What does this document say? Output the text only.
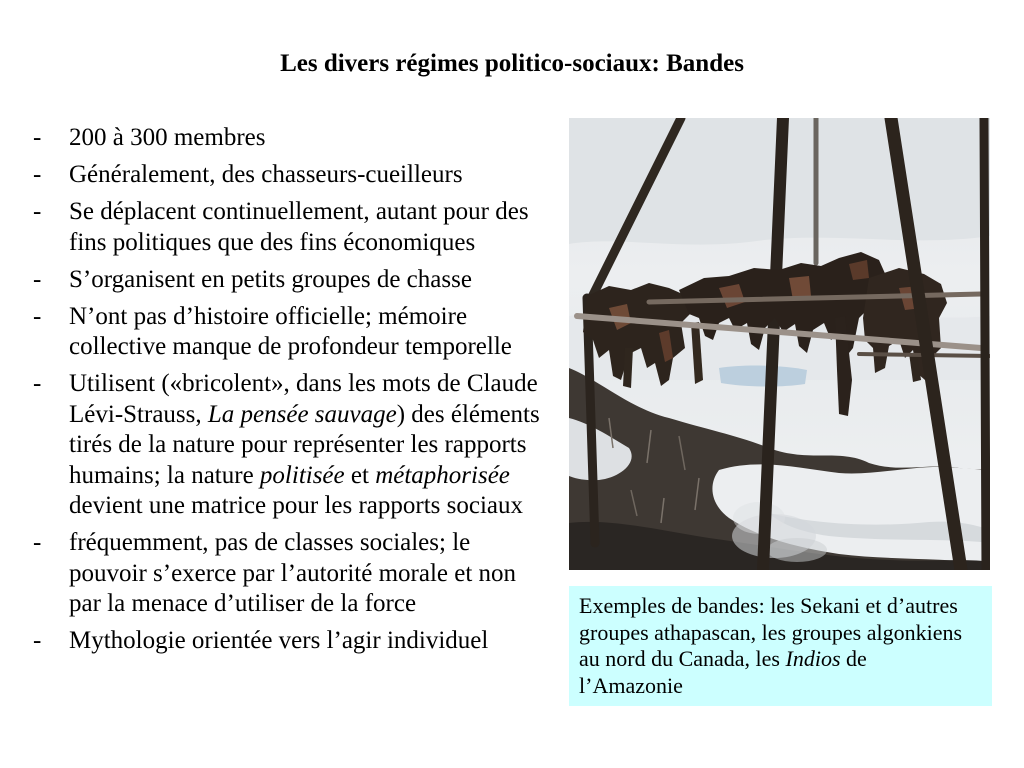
Les divers régimes politico-sociaux: Bandes
-	200 à 300 membres
-	Généralement, des chasseurs-cueilleurs
-	Se déplacent continuellement, autant pour des fins politiques que des fins économiques
-	S’organisent en petits groupes de chasse
-	N’ont pas d’histoire officielle; mémoire collective manque de profondeur temporelle
-	Utilisent («bricolent», dans les mots de Claude Lévi-Strauss, La pensée sauvage) des éléments tirés de la nature pour représenter les rapports humains; la nature politisée et métaphorisée devient une matrice pour les rapports sociaux
-	fréquemment, pas de classes sociales; le pouvoir s’exerce par l’autorité morale et non par la menace d’utiliser de la force
-	Mythologie orientée vers l’agir individuel
Exemples de bandes: les Sekani et d’autres groupes athapascan, les groupes algonkiens au nord du Canada, les Indios de l’Amazonie
